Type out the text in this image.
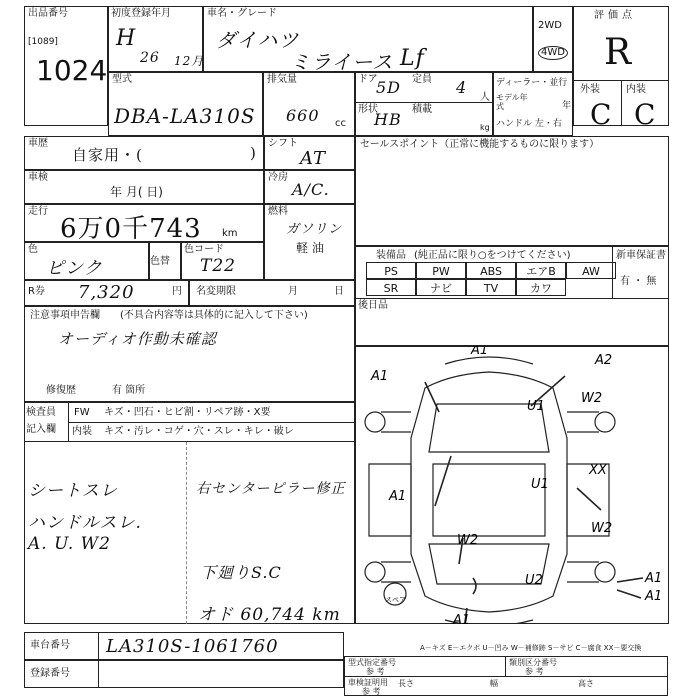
出品番号
[1089]
1024
初度登録年月
H
26 12月
車名・グレード
ダイハツ
ミライース Lf
2WD
4WD
評価点
R
外装	内装
C C
型式
DBA-LA310S
排気量
660 cc
ドア
5D 定員 4
人
形状
HB
積載
kg
ディーラー・並行
モデル年式	年
ハンドル 左・右
車歴
自家用・(	)
シフト
AT
車検
年 月( 日)
冷房
A/C.
走行
6万0千743 km
燃料
ガソリン
軽 油
色
ピンク	色替
色コード
T22
R券 7,320	円 名変期限	月	日
注意事項申告欄 (不具合内容等は具体的に記入して下さい)
オーディオ作動未確認
修復歴	有 箇所
セールスポイント（正常に機能するものに限ります）
装備品 (純正品に限り○をつけてください)	新車保証書
有 ・ 無
PS	PW	ABS	エアB	AW
SR	ナビ	TV	カワ
後日品
検査員
記入欄
FW キズ・凹石・ヒビ割・リペア跡・X要
内装 キズ・汚レ・コゲ・穴・スレ・キレ・破レ
シートスレ
ハンドルスレ.
A. U. W2
右センターピラー修正
下廻りS.C
オド 60,744 km
A1
A1
A2
U1
W2
U1
XX
A1
W2
W2
U2	A1
A1
A1
スペア
A－キズ E－エクボ U－凹み W－補修跡 S－サビ C－腐食 XX－要交換
車台番号 LA310S-1061760
登録番号
型式指定番号
参 考
類別区分番号
参 考
車検証明用
参 考
長さ	幅	高さ
